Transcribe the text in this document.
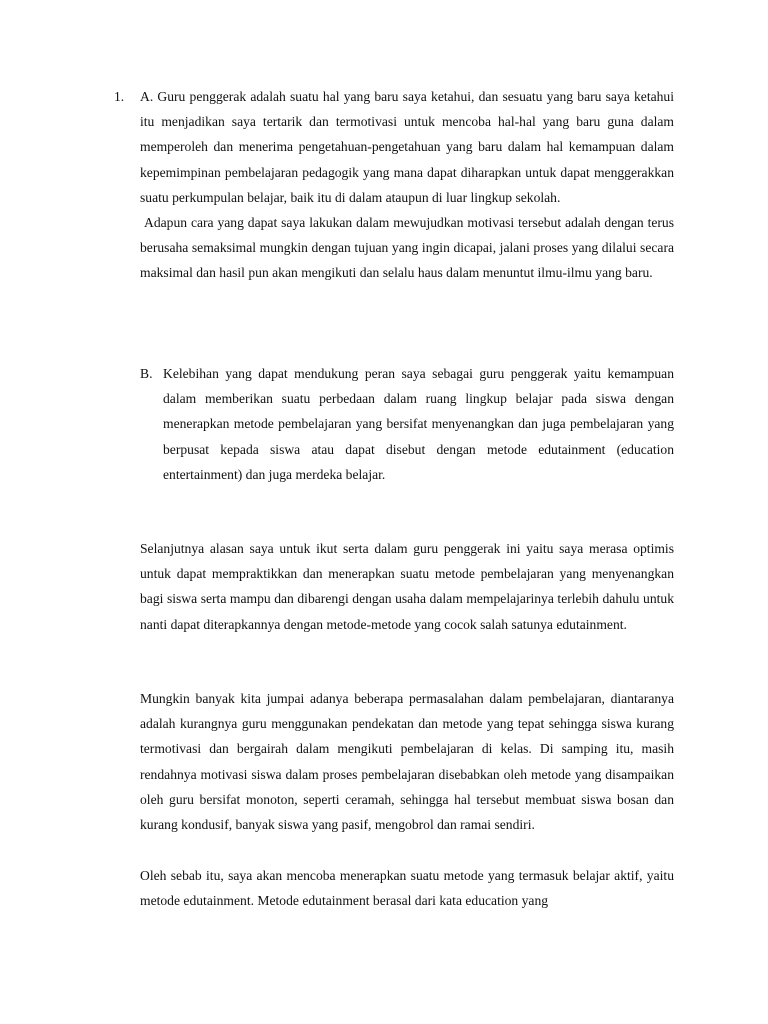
1. A. Guru penggerak adalah suatu hal yang baru saya ketahui, dan sesuatu yang baru saya ketahui itu menjadikan saya tertarik dan termotivasi untuk mencoba hal-hal yang baru guna dalam memperoleh dan menerima pengetahuan-pengetahuan yang baru dalam hal kemampuan dalam kepemimpinan pembelajaran pedagogik yang mana dapat diharapkan untuk dapat menggerakkan suatu perkumpulan belajar, baik itu di dalam ataupun di luar lingkup sekolah.

Adapun cara yang dapat saya lakukan dalam mewujudkan motivasi tersebut adalah dengan terus berusaha semaksimal mungkin dengan tujuan yang ingin dicapai, jalani proses yang dilalui secara maksimal dan hasil pun akan mengikuti dan selalu haus dalam menuntut ilmu-ilmu yang baru.

B. Kelebihan yang dapat mendukung peran saya sebagai guru penggerak yaitu kemampuan dalam memberikan suatu perbedaan dalam ruang lingkup belajar pada siswa dengan menerapkan metode pembelajaran yang bersifat menyenangkan dan juga pembelajaran yang berpusat kepada siswa atau dapat disebut dengan metode edutainment (education entertainment) dan juga merdeka belajar.

Selanjutnya alasan saya untuk ikut serta dalam guru penggerak ini yaitu saya merasa optimis untuk dapat mempraktikkan dan menerapkan suatu metode pembelajaran yang menyenangkan bagi siswa serta mampu dan dibarengi dengan usaha dalam mempelajarinya terlebih dahulu untuk nanti dapat diterapkannya dengan metode-metode yang cocok salah satunya edutainment.

Mungkin banyak kita jumpai adanya beberapa permasalahan dalam pembelajaran, diantaranya adalah kurangnya guru menggunakan pendekatan dan metode yang tepat sehingga siswa kurang termotivasi dan bergairah dalam mengikuti pembelajaran di kelas. Di samping itu, masih rendahnya motivasi siswa dalam proses pembelajaran disebabkan oleh metode yang disampaikan oleh guru bersifat monoton, seperti ceramah, sehingga hal tersebut membuat siswa bosan dan kurang kondusif, banyak siswa yang pasif, mengobrol dan ramai sendiri.

Oleh sebab itu, saya akan mencoba menerapkan suatu metode yang termasuk belajar aktif, yaitu metode edutainment. Metode edutainment berasal dari kata education yang
